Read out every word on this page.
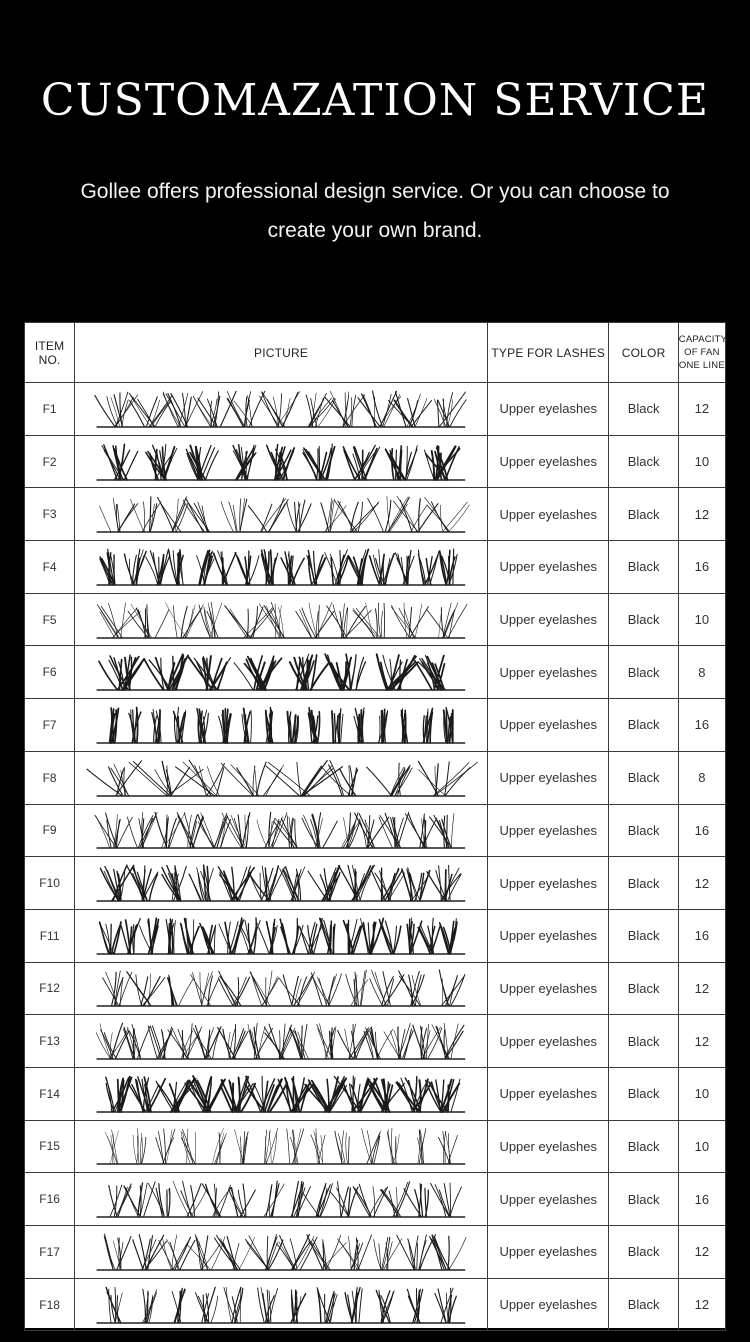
CUSTOMAZATION SERVICE

Gollee offers professional design service. Or you can choose to create your own brand.

ITEM NO.	PICTURE	TYPE FOR LASHES	COLOR	CAPACITY OF FAN ONE LINE
F1		Upper eyelashes	Black	12
F2		Upper eyelashes	Black	10
F3		Upper eyelashes	Black	12
F4		Upper eyelashes	Black	16
F5		Upper eyelashes	Black	10
F6		Upper eyelashes	Black	8
F7		Upper eyelashes	Black	16
F8		Upper eyelashes	Black	8
F9		Upper eyelashes	Black	16
F10		Upper eyelashes	Black	12
F11		Upper eyelashes	Black	16
F12		Upper eyelashes	Black	12
F13		Upper eyelashes	Black	12
F14		Upper eyelashes	Black	10
F15		Upper eyelashes	Black	10
F16		Upper eyelashes	Black	16
F17		Upper eyelashes	Black	12
F18		Upper eyelashes	Black	12
